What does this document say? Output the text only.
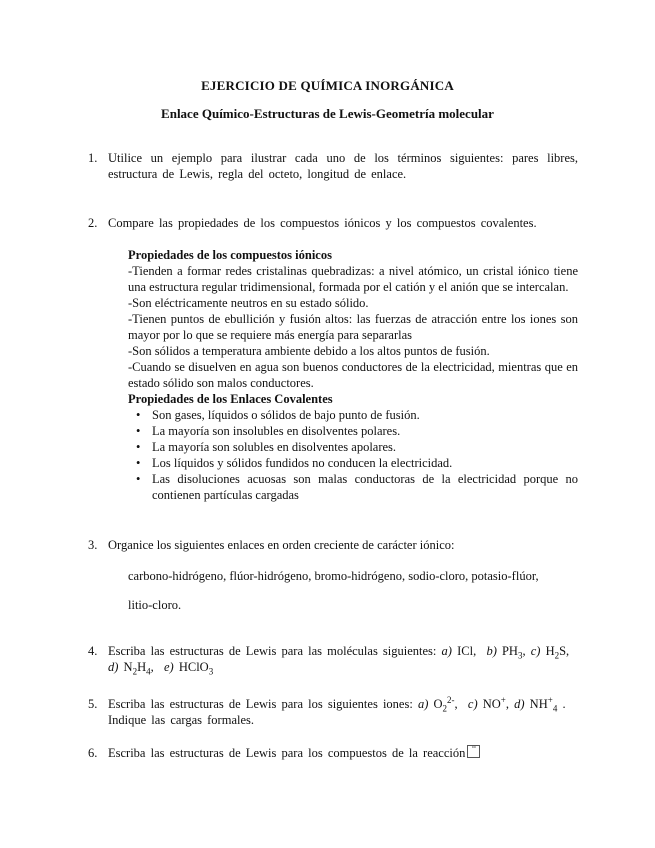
EJERCICIO DE QUÍMICA INORGÁNICA
Enlace Químico-Estructuras de Lewis-Geometría molecular
1. Utilice un ejemplo para ilustrar cada uno de los términos siguientes: pares libres, estructura de Lewis, regla del octeto, longitud de enlace.
2. Compare las propiedades de los compuestos iónicos y los compuestos covalentes.
Propiedades de los compuestos iónicos
-Tienden a formar redes cristalinas quebradizas: a nivel atómico, un cristal iónico tiene una estructura regular tridimensional, formada por el catión y el anión que se intercalan.
-Son eléctricamente neutros en su estado sólido.
-Tienen puntos de ebullición y fusión altos: las fuerzas de atracción entre los iones son mayor por lo que se requiere más energía para separarlas
-Son sólidos a temperatura ambiente debido a los altos puntos de fusión.
-Cuando se disuelven en agua son buenos conductores de la electricidad, mientras que en estado sólido son malos conductores.
Propiedades de los Enlaces Covalentes
• Son gases, líquidos o sólidos de bajo punto de fusión.
• La mayoría son insolubles en disolventes polares.
• La mayoría son solubles en disolventes apolares.
• Los líquidos y sólidos fundidos no conducen la electricidad.
• Las disoluciones acuosas son malas conductoras de la electricidad porque no contienen partículas cargadas
3. Organice los siguientes enlaces en orden creciente de carácter iónico:
carbono-hidrógeno, flúor-hidrógeno, bromo-hidrógeno, sodio-cloro, potasio-flúor,
litio-cloro.
4. Escriba las estructuras de Lewis para las moléculas siguientes: a) ICl,  b) $PH_3$, c) $H_2S$, d) $N_2H_4$,  e) HClO$_3$
5. Escriba las estructuras de Lewis para los siguientes iones: a) $O_2^{2-}$,  c) NO+, d) $NH^+_4$ . Indique las cargas formales.
6. Escriba las estructuras de Lewis para los compuestos de la reacción ▫▫
